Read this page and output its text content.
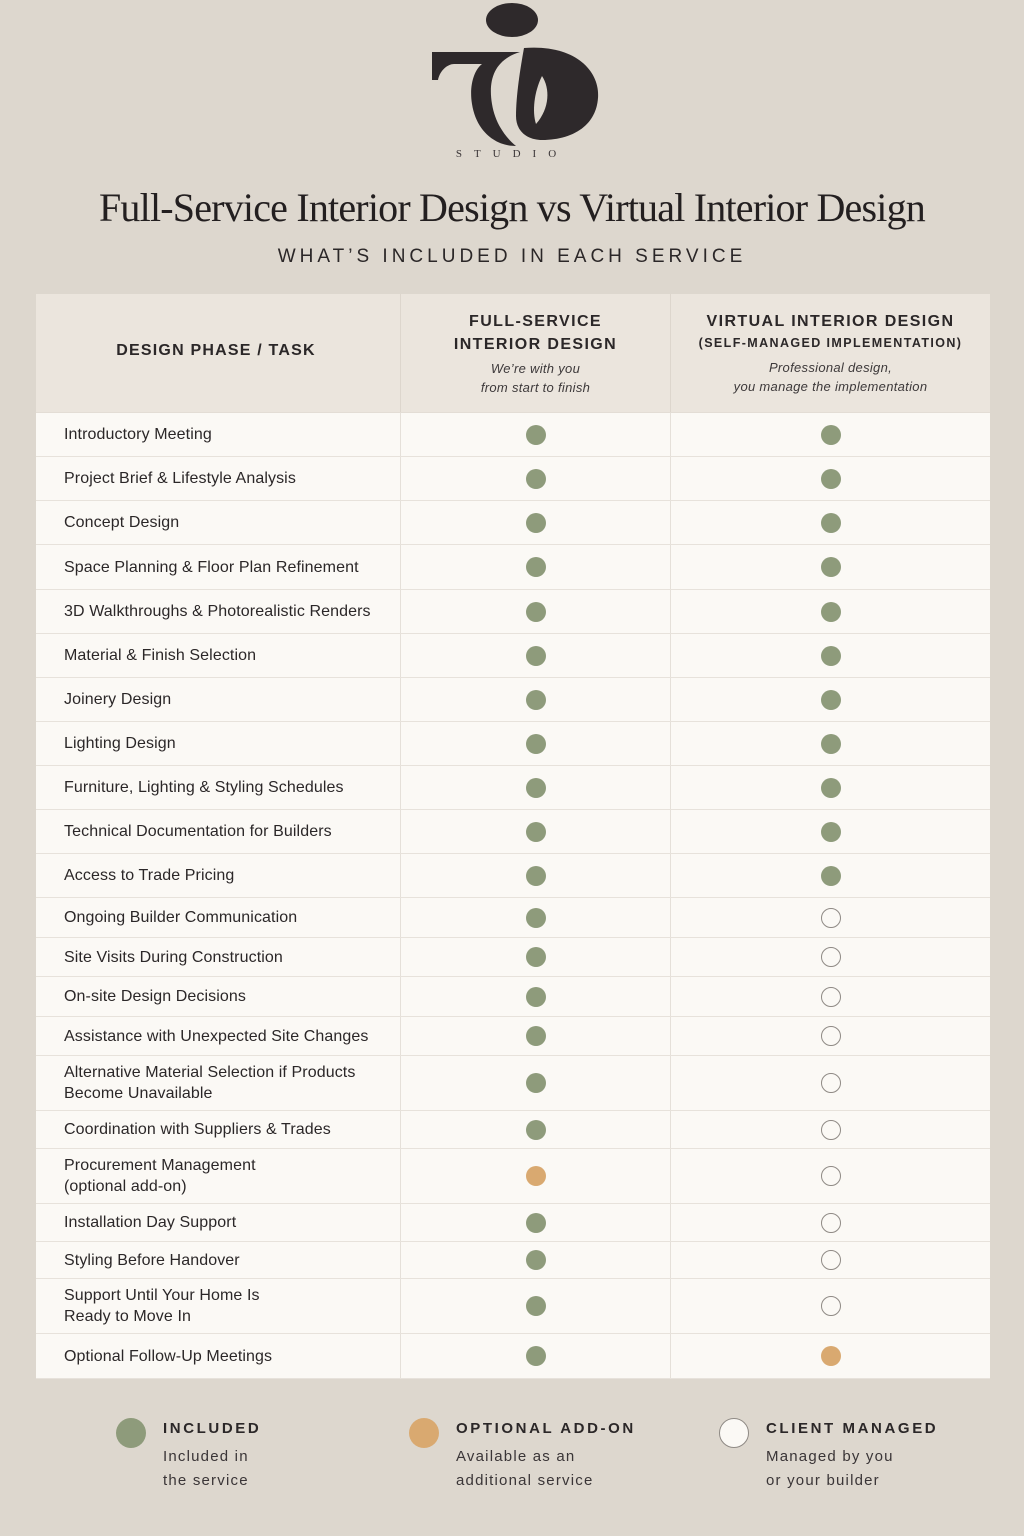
STUDIO
Full-Service Interior Design vs Virtual Interior Design
WHAT’S INCLUDED IN EACH SERVICE
DESIGN PHASE / TASK
FULL-SERVICE
INTERIOR DESIGN
We’re with you
from start to finish
VIRTUAL INTERIOR DESIGN
(SELF-MANAGED IMPLEMENTATION)
Professional design,
you manage the implementation
Introductory Meeting
Project Brief & Lifestyle Analysis
Concept Design
Space Planning & Floor Plan Refinement
3D Walkthroughs & Photorealistic Renders
Material & Finish Selection
Joinery Design
Lighting Design
Furniture, Lighting & Styling Schedules
Technical Documentation for Builders
Access to Trade Pricing
Ongoing Builder Communication
Site Visits During Construction
On-site Design Decisions
Assistance with Unexpected Site Changes
Alternative Material Selection if Products Become Unavailable
Coordination with Suppliers & Trades
Procurement Management (optional add-on)
Installation Day Support
Styling Before Handover
Support Until Your Home Is Ready to Move In
Optional Follow-Up Meetings
INCLUDED
Included in the service
OPTIONAL ADD-ON
Available as an additional service
CLIENT MANAGED
Managed by you or your builder
